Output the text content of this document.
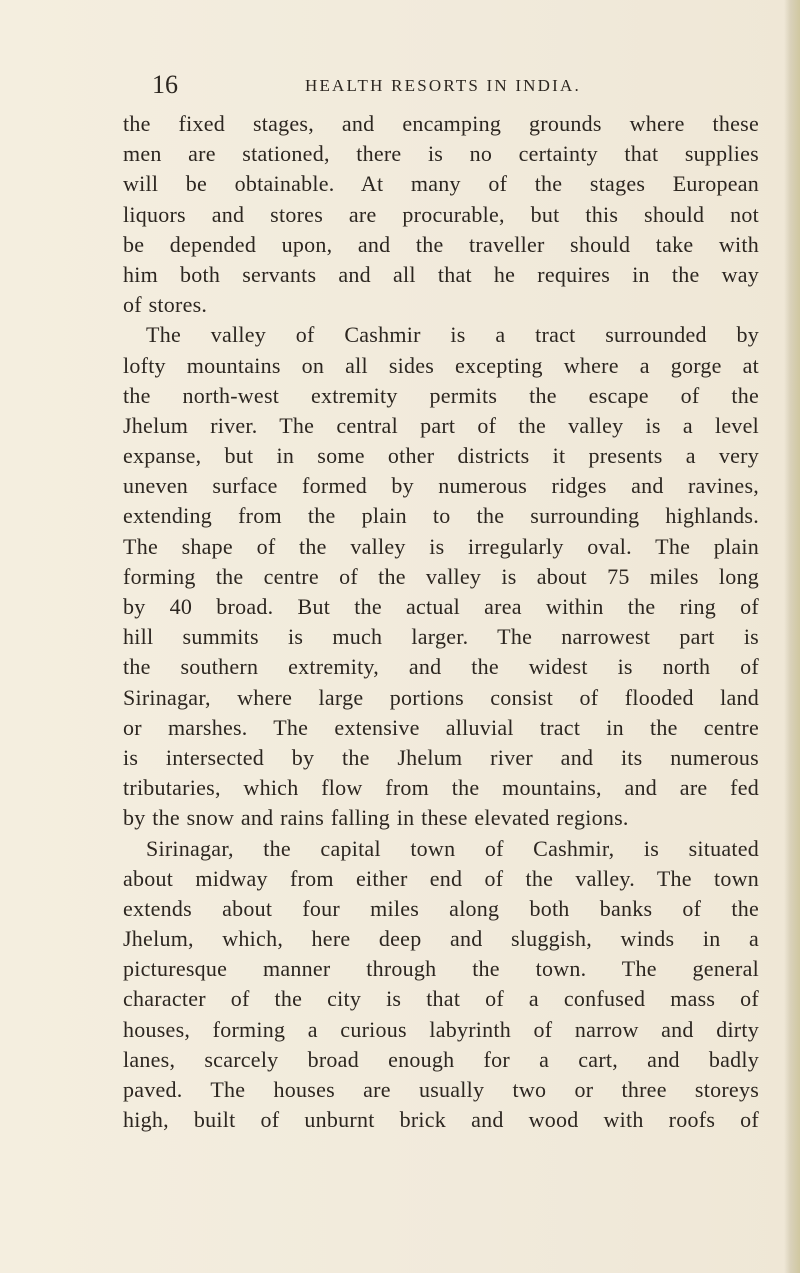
16	HEALTH RESORTS IN INDIA.
the fixed stages, and encamping grounds where these
men are stationed, there is no certainty that supplies
will be obtainable. At many of the stages European
liquors and stores are procurable, but this should not
be depended upon, and the traveller should take with
him both servants and all that he requires in the way
of stores.
The valley of Cashmir is a tract surrounded by
lofty mountains on all sides excepting where a gorge at
the north-west extremity permits the escape of the
Jhelum river. The central part of the valley is a level
expanse, but in some other districts it presents a very
uneven surface formed by numerous ridges and ravines,
extending from the plain to the surrounding highlands.
The shape of the valley is irregularly oval. The plain
forming the centre of the valley is about 75 miles long
by 40 broad. But the actual area within the ring of
hill summits is much larger. The narrowest part is
the southern extremity, and the widest is north of
Sirinagar, where large portions consist of flooded land
or marshes. The extensive alluvial tract in the centre
is intersected by the Jhelum river and its numerous
tributaries, which flow from the mountains, and are fed
by the snow and rains falling in these elevated regions.
Sirinagar, the capital town of Cashmir, is situated
about midway from either end of the valley. The town
extends about four miles along both banks of the
Jhelum, which, here deep and sluggish, winds in a
picturesque manner through the town. The general
character of the city is that of a confused mass of
houses, forming a curious labyrinth of narrow and dirty
lanes, scarcely broad enough for a cart, and badly
paved. The houses are usually two or three storeys
high, built of unburnt brick and wood with roofs of
